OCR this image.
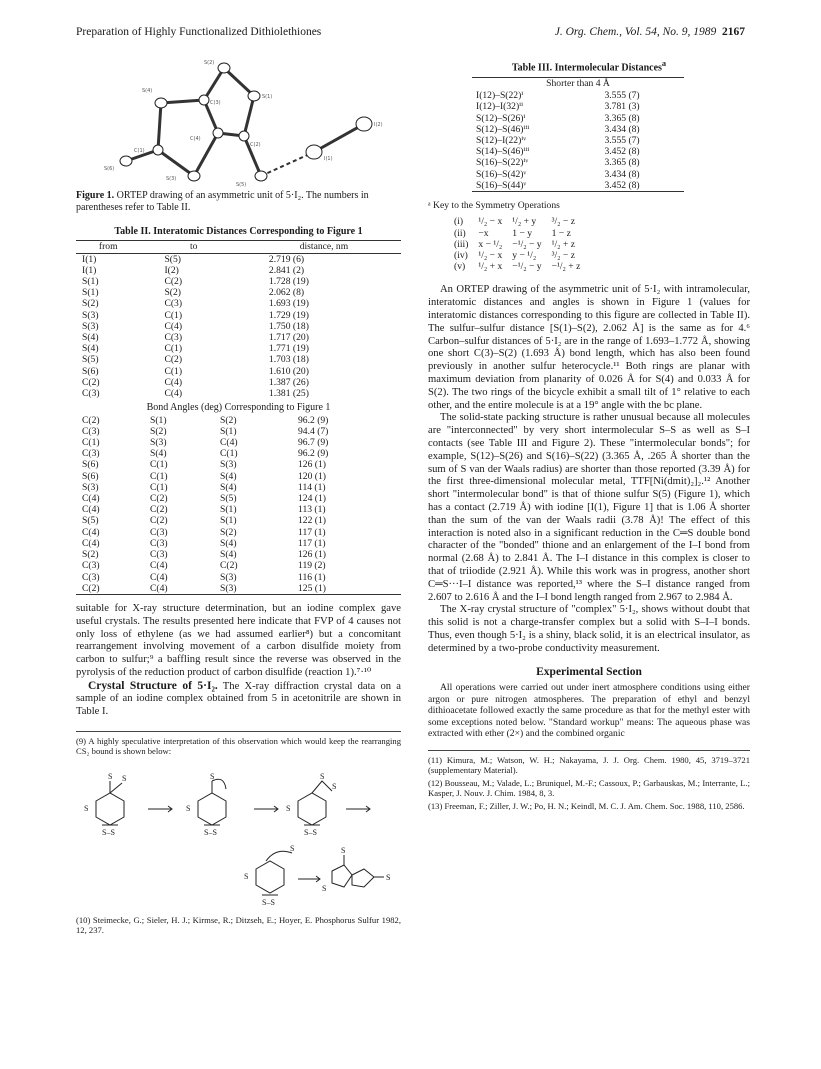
Preparation of Highly Functionalized Dithiolethiones	J. Org. Chem., Vol. 54, No. 9, 1989 2167
S(2)
S(4)
C(3)
S(1)
I(2)
C(1)
C(4)
C(2)
S(6)
S(3)
S(5)
I(1)
Figure 1. ORTEP drawing of an asymmetric unit of 5·I₂. The numbers in parentheses refer to Table II.
Table II. Interatomic Distances Corresponding to Figure 1
from	to	distance, nm
I(1)	S(5)	2.719 (6)
I(1)	I(2)	2.841 (2)
S(1)	C(2)	1.728 (19)
S(1)	S(2)	2.062 (8)
S(2)	C(3)	1.693 (19)
S(3)	C(1)	1.729 (19)
S(3)	C(4)	1.750 (18)
S(4)	C(3)	1.717 (20)
S(4)	C(1)	1.771 (19)
S(5)	C(2)	1.703 (18)
S(6)	C(1)	1.610 (20)
C(2)	C(4)	1.387 (26)
C(3)	C(4)	1.381 (25)
Bond Angles (deg) Corresponding to Figure 1
C(2)	S(1)	S(2)	96.2 (9)
C(3)	S(2)	S(1)	94.4 (7)
C(1)	S(3)	C(4)	96.7 (9)
C(3)	S(4)	C(1)	96.2 (9)
S(6)	C(1)	S(3)	126 (1)
S(6)	C(1)	S(4)	120 (1)
S(3)	C(1)	S(4)	114 (1)
C(4)	C(2)	S(5)	124 (1)
C(4)	C(2)	S(1)	113 (1)
S(5)	C(2)	S(1)	122 (1)
C(4)	C(3)	S(2)	117 (1)
C(4)	C(3)	S(4)	117 (1)
S(2)	C(3)	S(4)	126 (1)
C(3)	C(4)	C(2)	119 (2)
C(3)	C(4)	S(3)	116 (1)
C(2)	C(4)	S(3)	125 (1)

suitable for X-ray structure determination, but an iodine complex gave useful crystals. The results presented here indicate that FVP of 4 causes not only loss of ethylene (as we had assumed earlier⁸) but a concomitant rearrangement involving movement of a carbon disulfide moiety from carbon to sulfur;⁹ a baffling result since the reverse was observed in the pyrolysis of the reduction product of carbon disulfide (reaction 1).⁷·¹⁰

Crystal Structure of 5·I₂. The X-ray diffraction crystal data on a sample of an iodine complex obtained from 5 in acetonitrile are shown in Table I.

(9) A highly speculative interpretation of this observation which would keep the rearranging CS₂ bound is shown below:

S S
S
S–S
S
S
S–S
S
S
S
S–S
S
S
S–S
S
S
S

(10) Steimecke, G.; Sieler, H. J.; Kirmse, R.; Ditzseh, E.; Hoyer, E. Phosphorus Sulfur 1982, 12, 237.

Table III. Intermolecular Distances$^a$
Shorter than 4 Å
I(12)–S(22)ⁱ	3.555 (7)
I(12)–I(32)ⁱⁱ	3.781 (3)
S(12)–S(26)ⁱ	3.365 (8)
S(12)–S(46)ⁱⁱⁱ	3.434 (8)
S(12)–I(22)ⁱᵛ	3.555 (7)
S(14)–S(46)ⁱⁱⁱ	3.452 (8)
S(16)–S(22)ⁱᵛ	3.365 (8)
S(16)–S(42)ᵛ	3.434 (8)
S(16)–S(44)ᵛ	3.452 (8)
ᵃ Key to the Symmetry Operations
(i)	¹/₂ − x	¹/₂ + y	³/₂ − z
(ii)	−x	1 − y	1 − z
(iii)	x − ¹/₂	−¹/₂ − y	¹/₂ + z
(iv)	¹/₂ − x	y − ¹/₂	³/₂ − z
(v)	¹/₂ + x	−¹/₂ − y	−¹/₂ + z

An ORTEP drawing of the asymmetric unit of 5·I₂ with intramolecular, interatomic distances and angles is shown in Figure 1 (values for interatomic distances corresponding to this figure are collected in Table II). The sulfur–sulfur distance [S(1)–S(2), 2.062 Å] is the same as for 4.⁶ Carbon–sulfur distances of 5·I₂ are in the range of 1.693–1.772 Å, showing one short C(3)–S(2) (1.693 Å) bond length, which has also been found previously in another sulfur heterocycle.¹¹ Both rings are planar with maximum deviation from planarity of 0.026 Å for S(4) and 0.033 Å for S(2). The two rings of the bicycle exhibit a small tilt of 1° relative to each other, and the entire molecule is at a 19° angle with the bc plane.

The solid-state packing structure is rather unusual because all molecules are "interconnected" by very short intermolecular S–S as well as S–I contacts (see Table III and Figure 2). These "intermolecular bonds"; for example, S(12)–S(26) and S(16)–S(22) (3.365 Å, .265 Å shorter than the sum of S van der Waals radius) are shorter than those reported (3.39 Å) for the first three-dimensional molecular metal, TTF[Ni(dmit)₂]₂.¹² Another short "intermolecular bond" is that of thione sulfur S(5) (Figure 1), which has a contact (2.719 Å) with iodine [I(1), Figure 1] that is 1.06 Å shorter than the sum of the van der Waals radii (3.78 Å)! The effect of this interaction is noted also in a significant reduction in the C═S double bond character of the "bonded" thione and an enlargement of the I–I bond from normal (2.68 Å) to 2.841 Å. The I–I distance in this complex is closer to that of triiodide (2.921 Å). While this work was in progress, another short C═S···I–I distance was reported,¹³ where the S–I distance ranged from 2.607 to 2.616 Å and the I–I bond length ranged from 2.967 to 2.984 Å.

The X-ray crystal structure of "complex" 5·I₂, shows without doubt that this solid is not a charge-transfer complex but a solid with S–I–I bonds. Thus, even though 5·I₂ is a shiny, black solid, it is an electrical insulator, as determined by a two-probe conductivity measurement.

Experimental Section

All operations were carried out under inert atmosphere conditions using either argon or pure nitrogen atmospheres. The preparation of ethyl and benzyl dithioacetate followed exactly the same procedure as that for the methyl ester with some exceptions noted below. "Standard workup" means: The aqueous phase was extracted with ether (2×) and the combined organic

(11) Kimura, M.; Watson, W. H.; Nakayama, J. J. Org. Chem. 1980, 45, 3719–3721 (supplementary Material).

(12) Bousseau, M.; Valade, L.; Bruniquel, M.-F.; Cassoux, P.; Garbauskas, M.; Interrante, L.; Kasper, J. Nouv. J. Chim. 1984, 8, 3.

(13) Freeman, F.; Ziller, J. W.; Po, H. N.; Keindl, M. C. J. Am. Chem. Soc. 1988, 110, 2586.
